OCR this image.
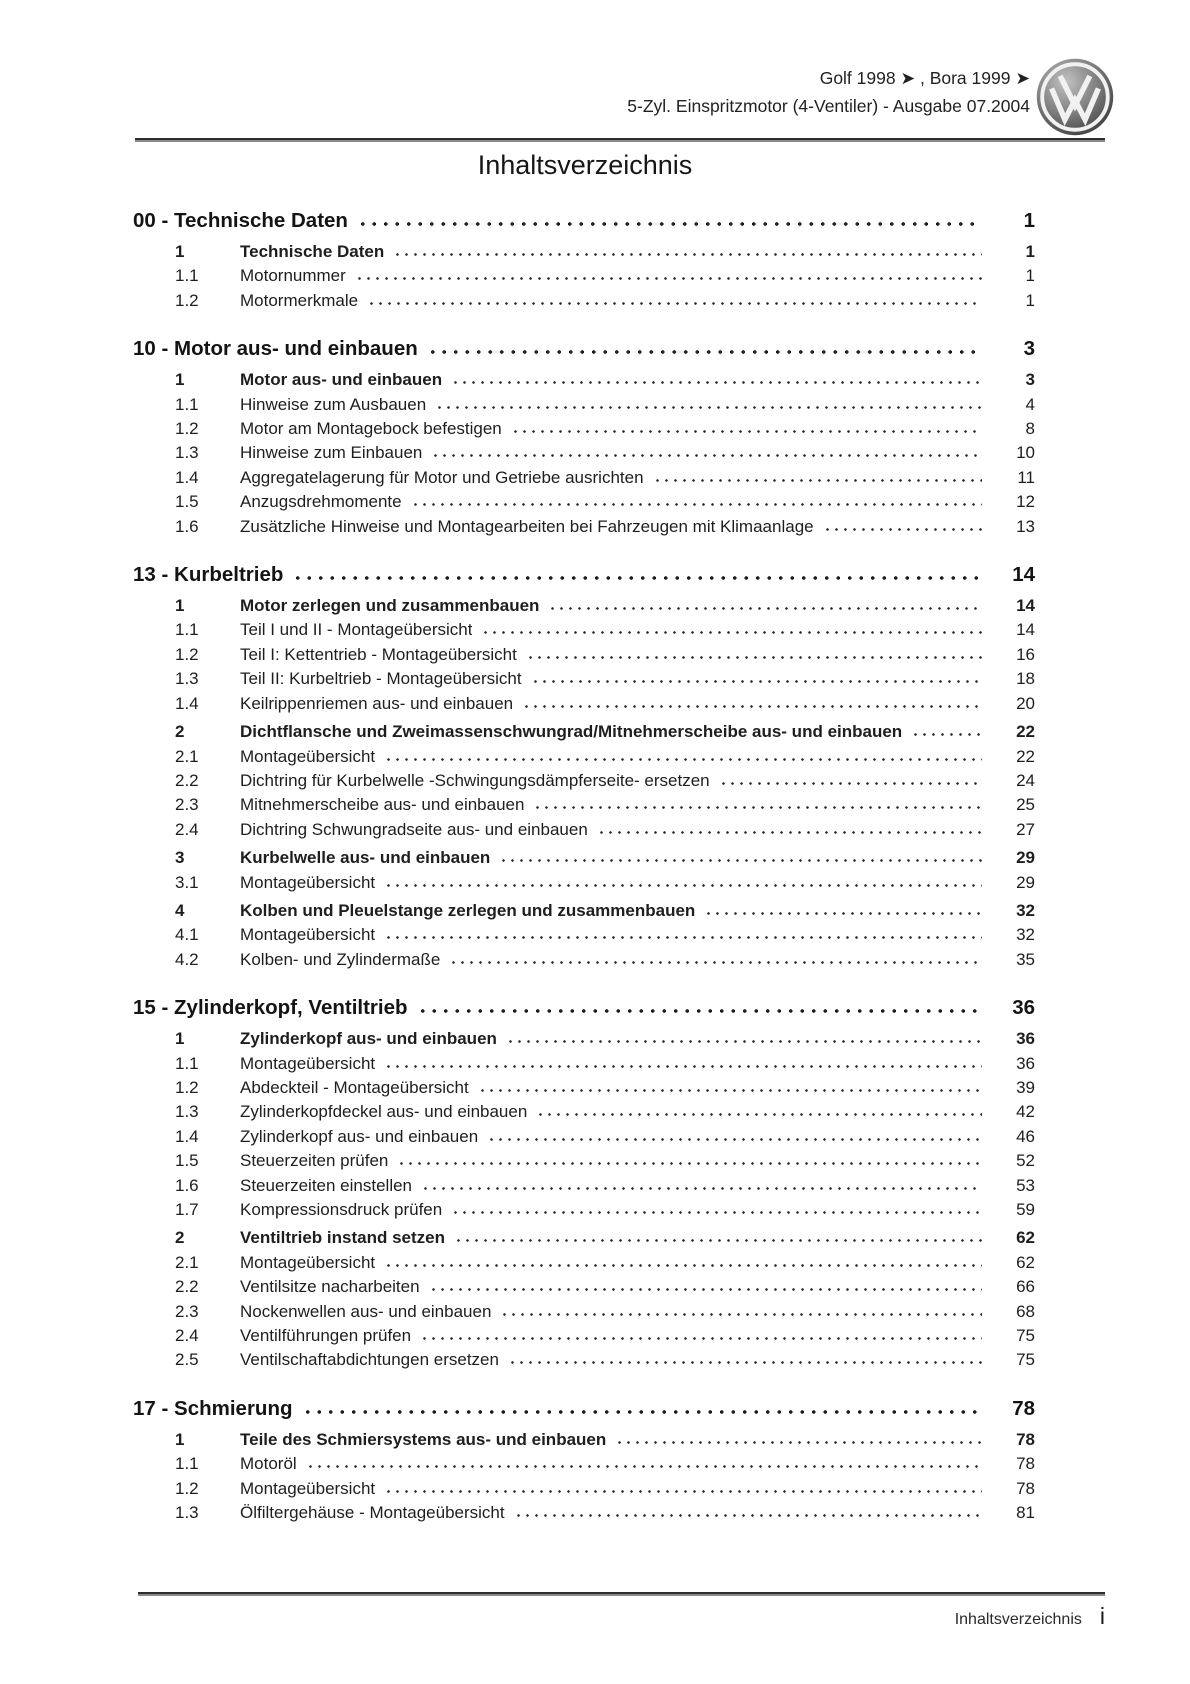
Golf 1998 ➤ , Bora 1999 ➤
5-Zyl. Einspritzmotor (4-Ventiler) - Ausgabe 07.2004
Inhaltsverzeichnis
00 - Technische Daten	1
1	Technische Daten	1
1.1	Motornummer	1
1.2	Motormerkmale	1
10 - Motor aus- und einbauen	3
1	Motor aus- und einbauen	3
1.1	Hinweise zum Ausbauen	4
1.2	Motor am Montagebock befestigen	8
1.3	Hinweise zum Einbauen	10
1.4	Aggregatelagerung für Motor und Getriebe ausrichten	11
1.5	Anzugsdrehmomente	12
1.6	Zusätzliche Hinweise und Montagearbeiten bei Fahrzeugen mit Klimaanlage	13
13 - Kurbeltrieb	14
1	Motor zerlegen und zusammenbauen	14
1.1	Teil I und II - Montageübersicht	14
1.2	Teil I: Kettentrieb - Montageübersicht	16
1.3	Teil II: Kurbeltrieb - Montageübersicht	18
1.4	Keilrippenriemen aus- und einbauen	20
2	Dichtflansche und Zweimassenschwungrad/Mitnehmerscheibe aus- und einbauen	22
2.1	Montageübersicht	22
2.2	Dichtring für Kurbelwelle -Schwingungsdämpferseite- ersetzen	24
2.3	Mitnehmerscheibe aus- und einbauen	25
2.4	Dichtring Schwungradseite aus- und einbauen	27
3	Kurbelwelle aus- und einbauen	29
3.1	Montageübersicht	29
4	Kolben und Pleuelstange zerlegen und zusammenbauen	32
4.1	Montageübersicht	32
4.2	Kolben- und Zylindermaße	35
15 - Zylinderkopf, Ventiltrieb	36
1	Zylinderkopf aus- und einbauen	36
1.1	Montageübersicht	36
1.2	Abdeckteil - Montageübersicht	39
1.3	Zylinderkopfdeckel aus- und einbauen	42
1.4	Zylinderkopf aus- und einbauen	46
1.5	Steuerzeiten prüfen	52
1.6	Steuerzeiten einstellen	53
1.7	Kompressionsdruck prüfen	59
2	Ventiltrieb instand setzen	62
2.1	Montageübersicht	62
2.2	Ventilsitze nacharbeiten	66
2.3	Nockenwellen aus- und einbauen	68
2.4	Ventilführungen prüfen	75
2.5	Ventilschaftabdichtungen ersetzen	75
17 - Schmierung	78
1	Teile des Schmiersystems aus- und einbauen	78
1.1	Motoröl	78
1.2	Montageübersicht	78
1.3	Ölfiltergehäuse - Montageübersicht	81
Inhaltsverzeichnis i
